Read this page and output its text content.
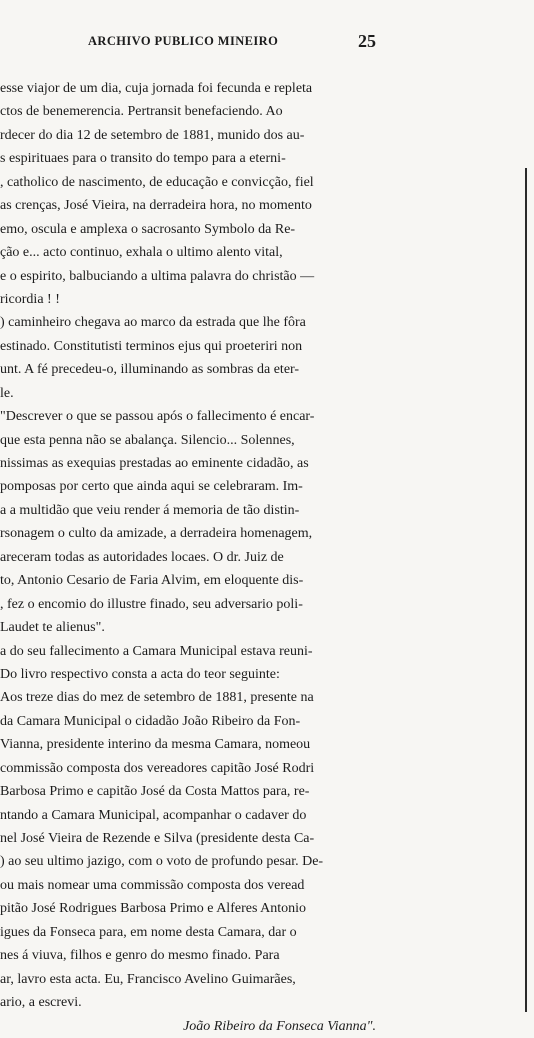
ARCHIVO PUBLICO MINEIRO	25
esse viajor de um dia, cuja jornada foi fecunda e repleta
ctos de benemerencia. Pertransit benefaciendo. Ao
rdecer do dia 12 de setembro de 1881, munido dos au-
s espirituaes para o transito do tempo para a eterni-
, catholico de nascimento, de educação e convicção, fiel
as crenças, José Vieira, na derradeira hora, no momento
emo, oscula e amplexa o sacrosanto Symbolo da Re-
ção e... acto continuo, exhala o ultimo alento vital,
e o espirito, balbuciando a ultima palavra do christão —
ricordia ! !
) caminheiro chegava ao marco da estrada que lhe fôra
estinado. Constitutisti terminos ejus qui proeteriri non
unt. A fé precedeu-o, illuminando as sombras da eter-
le.
"Descrever o que se passou após o fallecimento é encar-
que esta penna não se abalança. Silencio... Solennes,
nissimas as exequias prestadas ao eminente cidadão, as
pomposas por certo que ainda aqui se celebraram. Im-
a a multidão que veiu render á memoria de tão distin-
rsonagem o culto da amizade, a derradeira homenagem,
areceram todas as autoridades locaes. O dr. Juiz de
to, Antonio Cesario de Faria Alvim, em eloquente dis-
, fez o encomio do illustre finado, seu adversario poli-
Laudet te alienus".
a do seu fallecimento a Camara Municipal estava reuni-
Do livro respectivo consta a acta do teor seguinte:
Aos treze dias do mez de setembro de 1881, presente na
da Camara Municipal o cidadão João Ribeiro da Fon-
Vianna, presidente interino da mesma Camara, nomeou
commissão composta dos vereadores capitão José Rodri
Barbosa Primo e capitão José da Costa Mattos para, re-
ntando a Camara Municipal, acompanhar o cadaver do
nel José Vieira de Rezende e Silva (presidente desta Ca-
) ao seu ultimo jazigo, com o voto de profundo pesar. De-
ou mais nomear uma commissão composta dos veread
pitão José Rodrigues Barbosa Primo e Alferes Antonio
igues da Fonseca para, em nome desta Camara, dar o
nes á viuva, filhos e genro do mesmo finado. Para
ar, lavro esta acta. Eu, Francisco Avelino Guimarães,
ario, a escrevi.
João Ribeiro da Fonseca Vianna".
